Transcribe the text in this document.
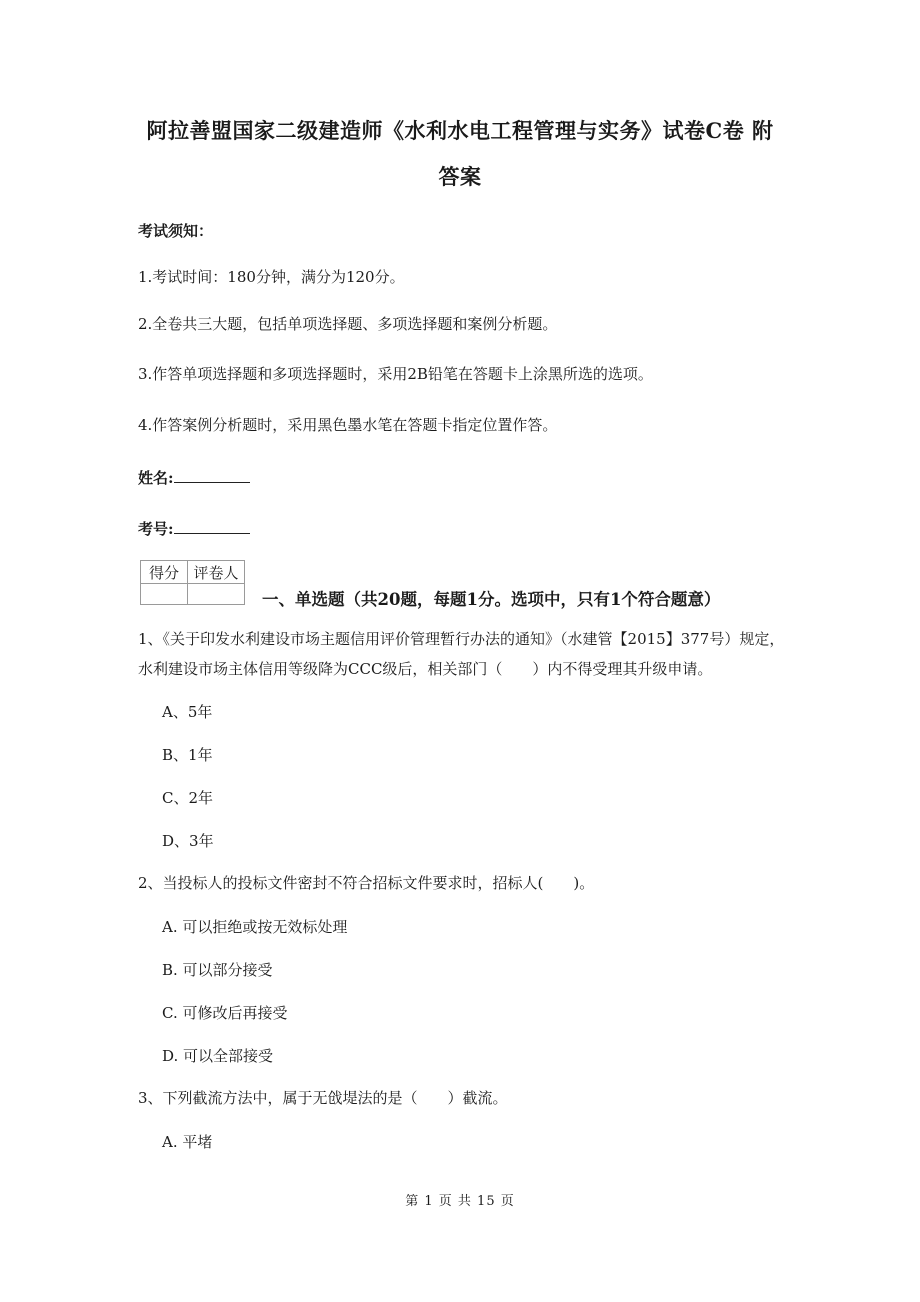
阿拉善盟国家二级建造师《水利水电工程管理与实务》试卷C卷 附
答案
考试须知：
1.考试时间：180分钟，满分为120分。
2.全卷共三大题，包括单项选择题、多项选择题和案例分析题。
3.作答单项选择题和多项选择题时，采用2B铅笔在答题卡上涂黑所选的选项。
4.作答案例分析题时，采用黑色墨水笔在答题卡指定位置作答。
姓名:
考号:
得分	评卷人

一、单选题（共20题，每题1分。选项中，只有1个符合题意）
1、《关于印发水利建设市场主题信用评价管理暂行办法的通知》（水建管【2015】377号）规定，水利建设市场主体信用等级降为CCC级后，相关部门（　　）内不得受理其升级申请。
A、5年
B、1年
C、2年
D、3年
2、当投标人的投标文件密封不符合招标文件要求时，招标人(　　)。
A. 可以拒绝或按无效标处理
B. 可以部分接受
C. 可修改后再接受
D. 可以全部接受
3、下列截流方法中，属于无戗堤法的是（　　）截流。
A. 平堵
第 1 页 共 15 页
